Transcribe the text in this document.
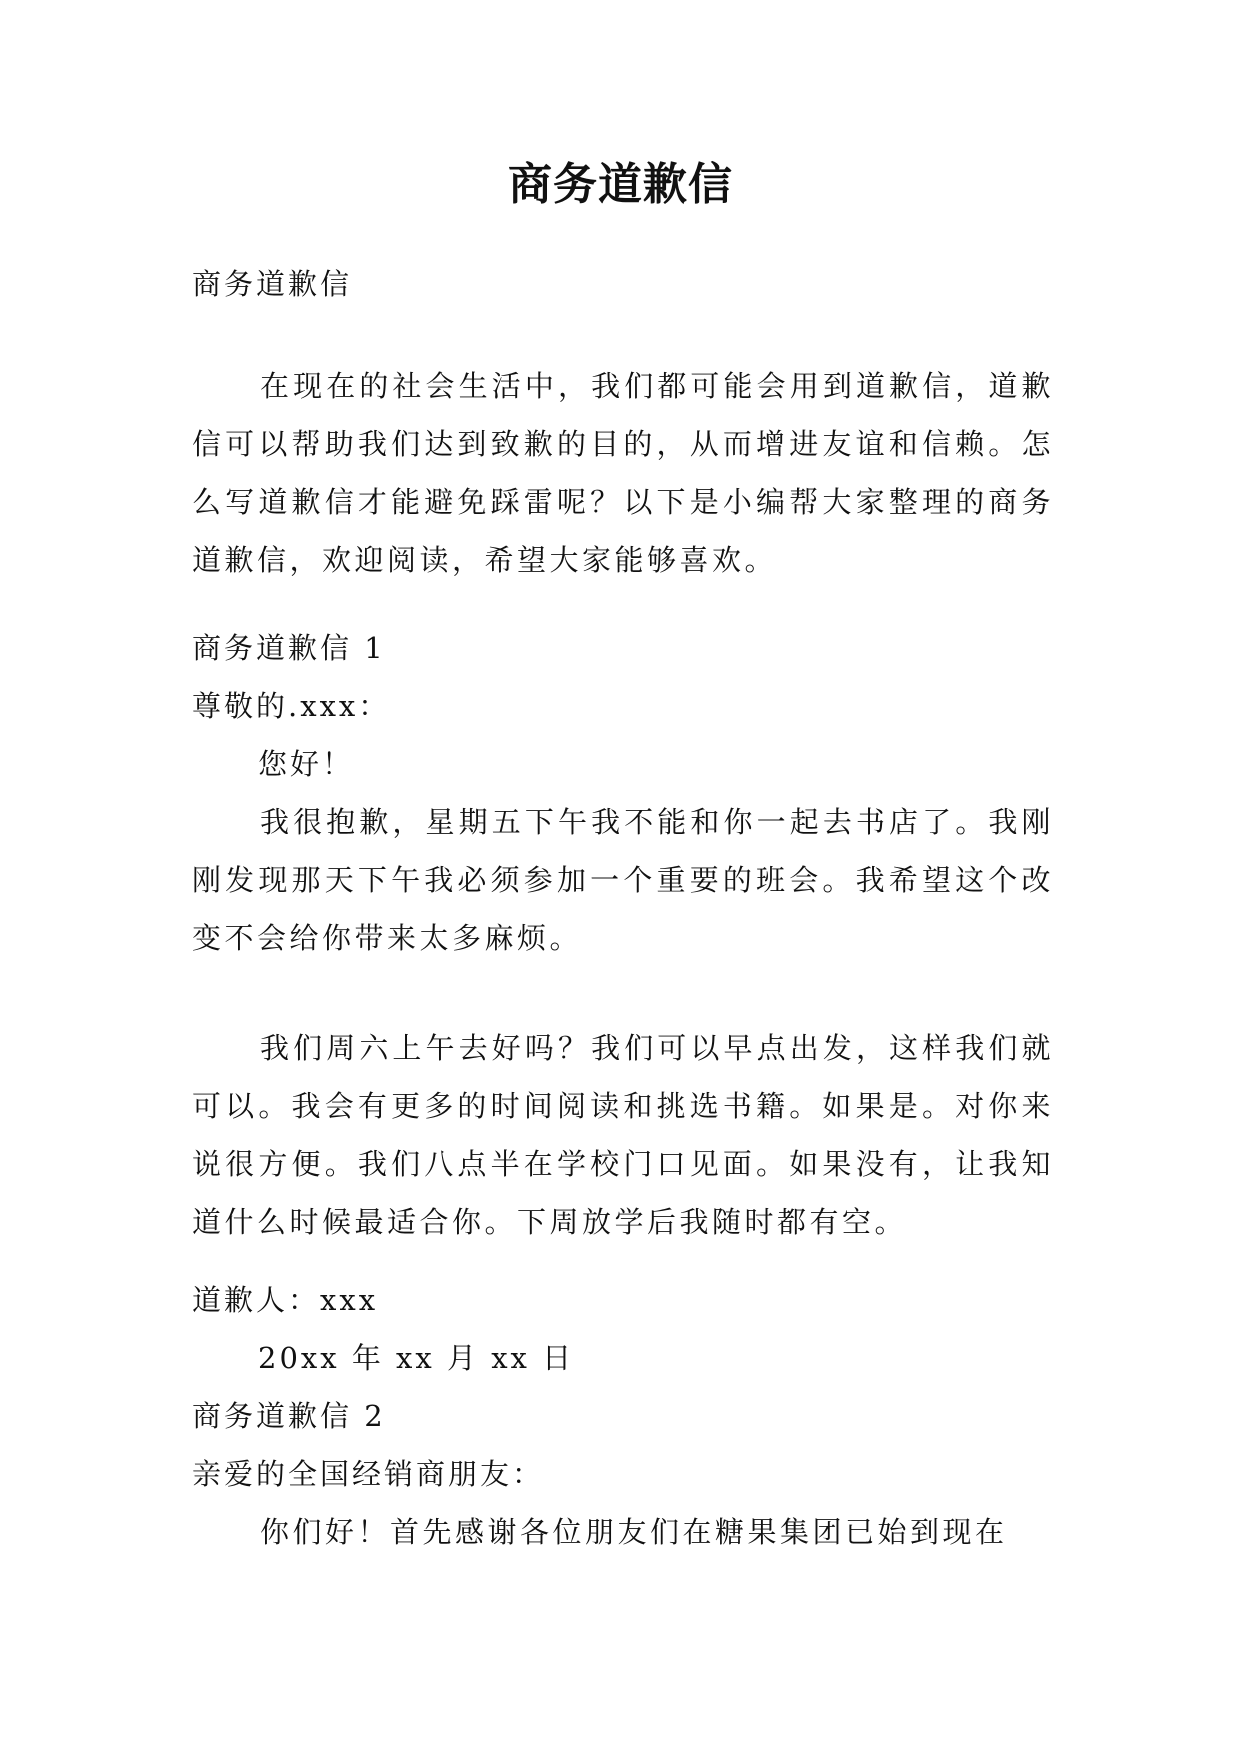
商务道歉信
商务道歉信

在现在的社会生活中，我们都可能会用到道歉信，道歉信可以帮助我们达到致歉的目的，从而增进友谊和信赖。怎么写道歉信才能避免踩雷呢？以下是小编帮大家整理的商务道歉信，欢迎阅读，希望大家能够喜欢。

商务道歉信 1
尊敬的.xxx：
您好！

我很抱歉，星期五下午我不能和你一起去书店了。我刚刚发现那天下午我必须参加一个重要的班会。我希望这个改变不会给你带来太多麻烦。

我们周六上午去好吗？我们可以早点出发，这样我们就可以。我会有更多的时间阅读和挑选书籍。如果是。对你来说很方便。我们八点半在学校门口见面。如果没有，让我知道什么时候最适合你。下周放学后我随时都有空。

道歉人：xxx
20xx 年 xx 月 xx 日
商务道歉信 2
亲爱的全国经销商朋友：

你们好！首先感谢各位朋友们在糖果集团已始到现在
